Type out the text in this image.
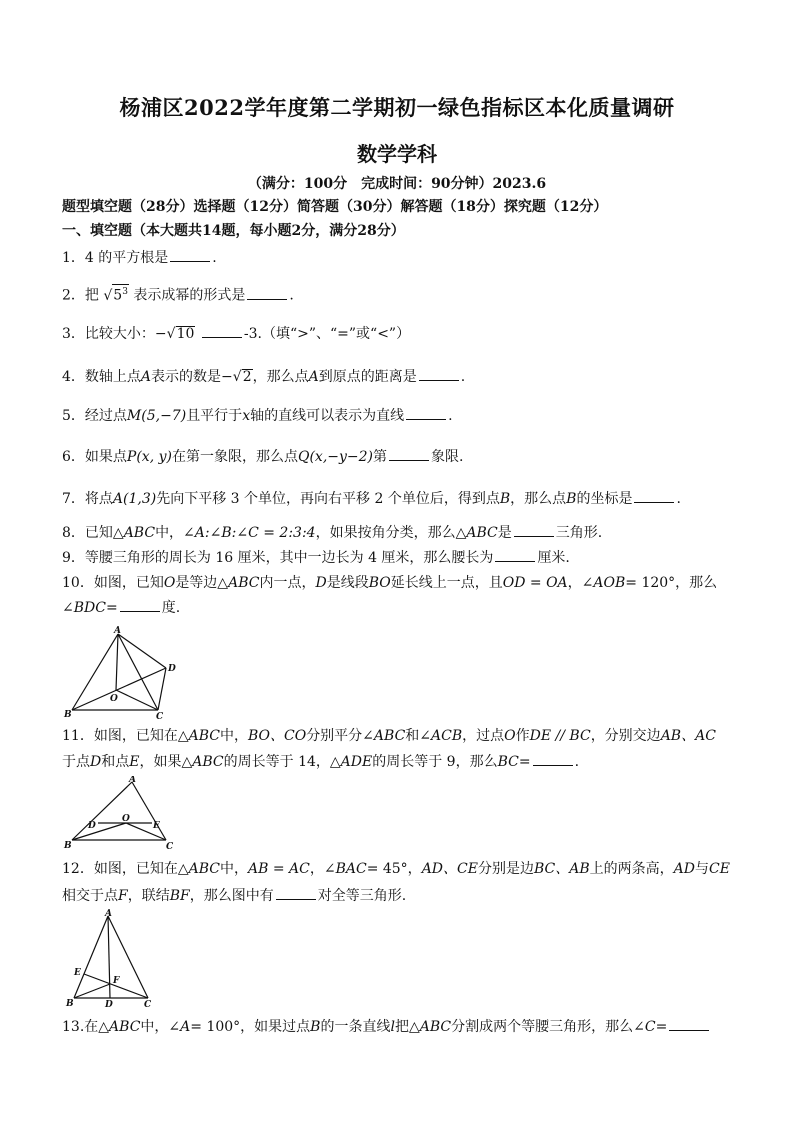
杨浦区2022学年度第二学期初一绿色指标区本化质量调研
数学学科
（满分：100分　完成时间：90分钟）2023.6
题型填空题（28分）选择题（12分）简答题（30分）解答题（18分）探究题（12分）
一、填空题（本大题共14题，每小题2分，满分28分）
1．4 的平方根是	.
2．把 $√5^3$ 表示成幂的形式是	.
3．比较大小：−√10	-3.（填“>”、“=”或“<”）
4．数轴上点A表示的数是−√2，那么点A到原点的距离是	.
5．经过点M(5,−7)且平行于x轴的直线可以表示为直线	.
6．如果点P(x, y)在第一象限，那么点Q(x,−y−2)第	象限.
7．将点A(1,3)先向下平移 3 个单位，再向右平移 2 个单位后，得到点B，那么点B的坐标是	.
8．已知△ABC中，∠A:∠B:∠C = 2:3:4，如果按角分类，那么△ABC是	三角形.
9．等腰三角形的周长为 16 厘米，其中一边长为 4 厘米，那么腰长为	厘米.
10．如图，已知O是等边△ABC内一点，D是线段BO延长线上一点，且OD = OA，∠AOB= 120°，那么
∠BDC=	度.
A
B	C
D
O
11．如图，已知在△ABC中，BO、CO分别平分∠ABC和∠ACB，过点O作DE // BC，分别交边AB、AC
于点D和点E，如果△ABC的周长等于 14，△ADE的周长等于 9，那么BC=	.
A
B	C
D	E
O
12．如图，已知在△ABC中，AB = AC，∠BAC= 45°，AD、CE分别是边BC、AB上的两条高，AD与CE
相交于点F，联结BF，那么图中有	对全等三角形.
A
B	C
D
E
F
13.在△ABC中，∠A= 100°，如果过点B的一条直线l把△ABC分割成两个等腰三角形，那么∠C=
